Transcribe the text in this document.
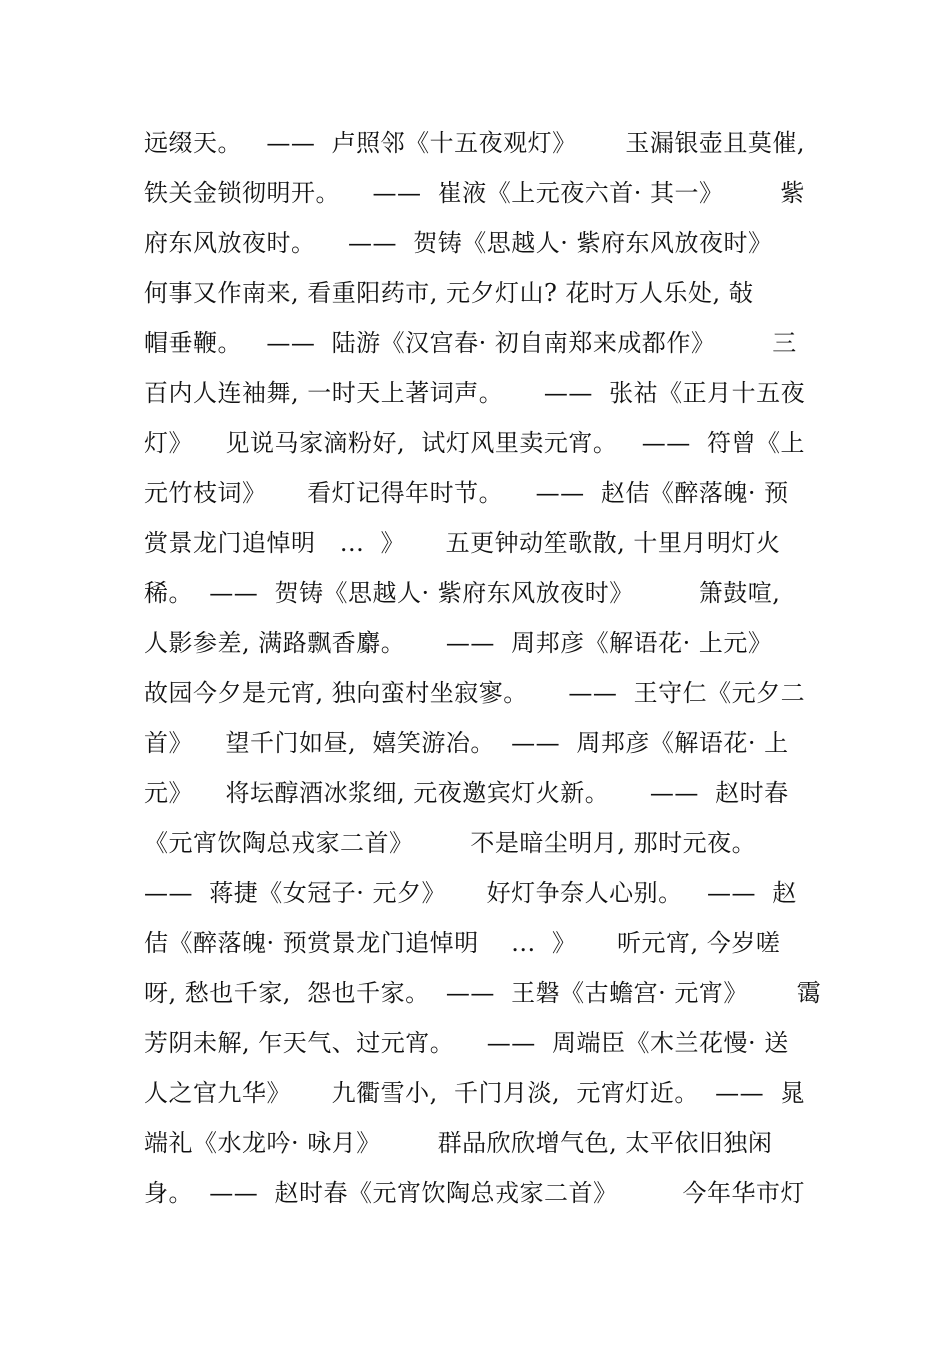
远缀天。   ——  卢照邻《十五夜观灯》      玉漏银壶且莫催,
铁关金锁彻明开。    ——  崔液《上元夜六首· 其一》       紫
府东风放夜时。    ——  贺铸《思越人· 紫府东风放夜时》
何事又作南来, 看重阳药市, 元夕灯山? 花时万人乐处, 敧
帽垂鞭。   ——  陆游《汉宫春· 初自南郑来成都作》       三
百内人连袖舞, 一时天上著词声。     ——  张祜《正月十五夜
灯》    见说马家滴粉好,  试灯风里卖元宵。   ——  符曾《上
元竹枝词》     看灯记得年时节。    ——  赵佶《醉落魄· 预
赏景龙门追悼明   ...  》     五更钟动笙歌散, 十里月明灯火
稀。  ——  贺铸《思越人· 紫府东风放夜时》        箫鼓喧,
人影参差, 满路飘香麝。     ——  周邦彦《解语花· 上元》
故园今夕是元宵, 独向蛮村坐寂寥。     ——  王守仁《元夕二
首》    望千门如昼,  嬉笑游冶。  ——  周邦彦《解语花· 上
元》    将坛醇酒冰浆细, 元夜邀宾灯火新。     ——  赵时春
《元宵饮陶总戎家二首》       不是暗尘明月, 那时元夜。
——  蒋捷《女冠子· 元夕》     好灯争奈人心别。   ——  赵
佶《醉落魄· 预赏景龙门追悼明    ...  》     听元宵, 今岁嗟
呀, 愁也千家,  怨也千家。  ——  王磐《古蟾宫· 元宵》      霭
芳阴未解, 乍天气、过元宵。    ——  周端臣《木兰花慢· 送
人之官九华》     九衢雪小,  千门月淡,  元宵灯近。  ——  晁
端礼《水龙吟· 咏月》       群品欣欣增气色, 太平依旧独闲
身。  ——  赵时春《元宵饮陶总戎家二首》        今年华市灯
